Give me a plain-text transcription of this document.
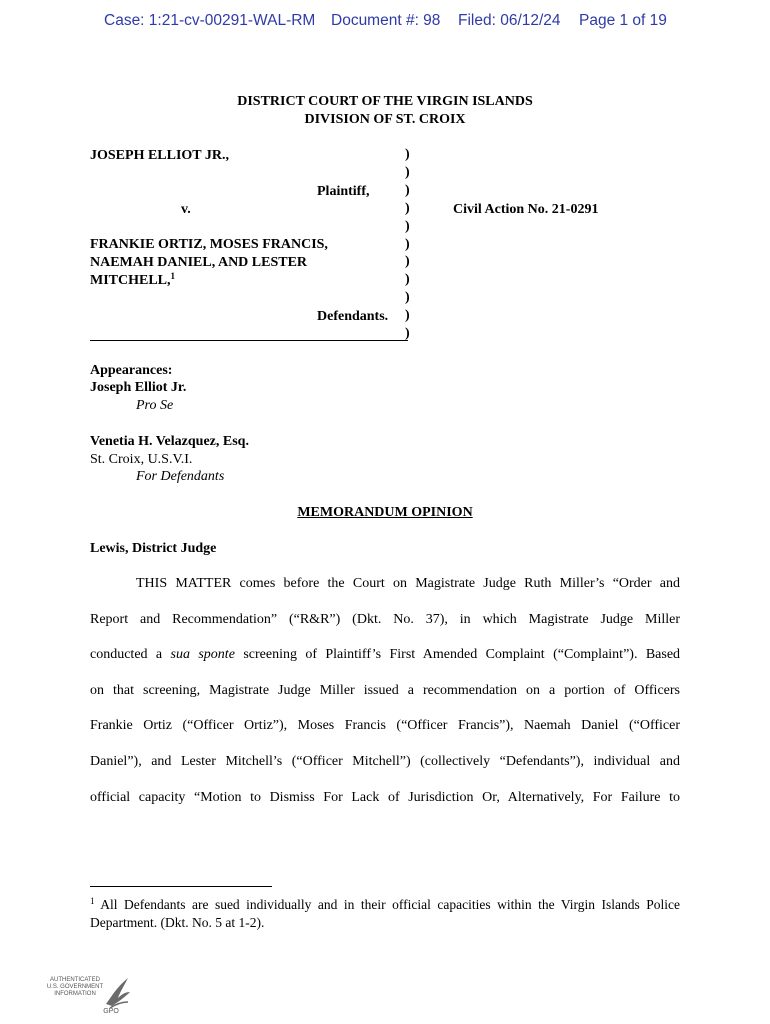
Case: 1:21-cv-00291-WAL-RM Document #: 98 Filed: 06/12/24 Page 1 of 19
DISTRICT COURT OF THE VIRGIN ISLANDS
DIVISION OF ST. CROIX
JOSEPH ELLIOT JR.,
Plaintiff,
v.
FRANKIE ORTIZ, MOSES FRANCIS,
NAEMAH DANIEL, AND LESTER
MITCHELL,$^1$
Defendants.
)
)
)
)
)
)
)
)
)
)
)
Civil Action No. 21-0291
Appearances:
Joseph Elliot Jr.
Pro Se
Venetia H. Velazquez, Esq.
St. Croix, U.S.V.I.
For Defendants
MEMORANDUM OPINION
Lewis, District Judge
THIS MATTER comes before the Court on Magistrate Judge Ruth Miller’s “Order and
Report and Recommendation” (“R&R”) (Dkt. No. 37), in which Magistrate Judge Miller
conducted a sua sponte screening of Plaintiff’s First Amended Complaint (“Complaint”). Based
on that screening, Magistrate Judge Miller issued a recommendation on a portion of Officers
Frankie Ortiz (“Officer Ortiz”), Moses Francis (“Officer Francis”), Naemah Daniel (“Officer
Daniel”), and Lester Mitchell’s (“Officer Mitchell”) (collectively “Defendants”), individual and
official capacity “Motion to Dismiss For Lack of Jurisdiction Or, Alternatively, For Failure to
$^1$ All Defendants are sued individually and in their official capacities within the Virgin Islands Police Department. (Dkt. No. 5 at 1-2).
AUTHENTICATED
U.S. GOVERNMENT
INFORMATION
GPO
